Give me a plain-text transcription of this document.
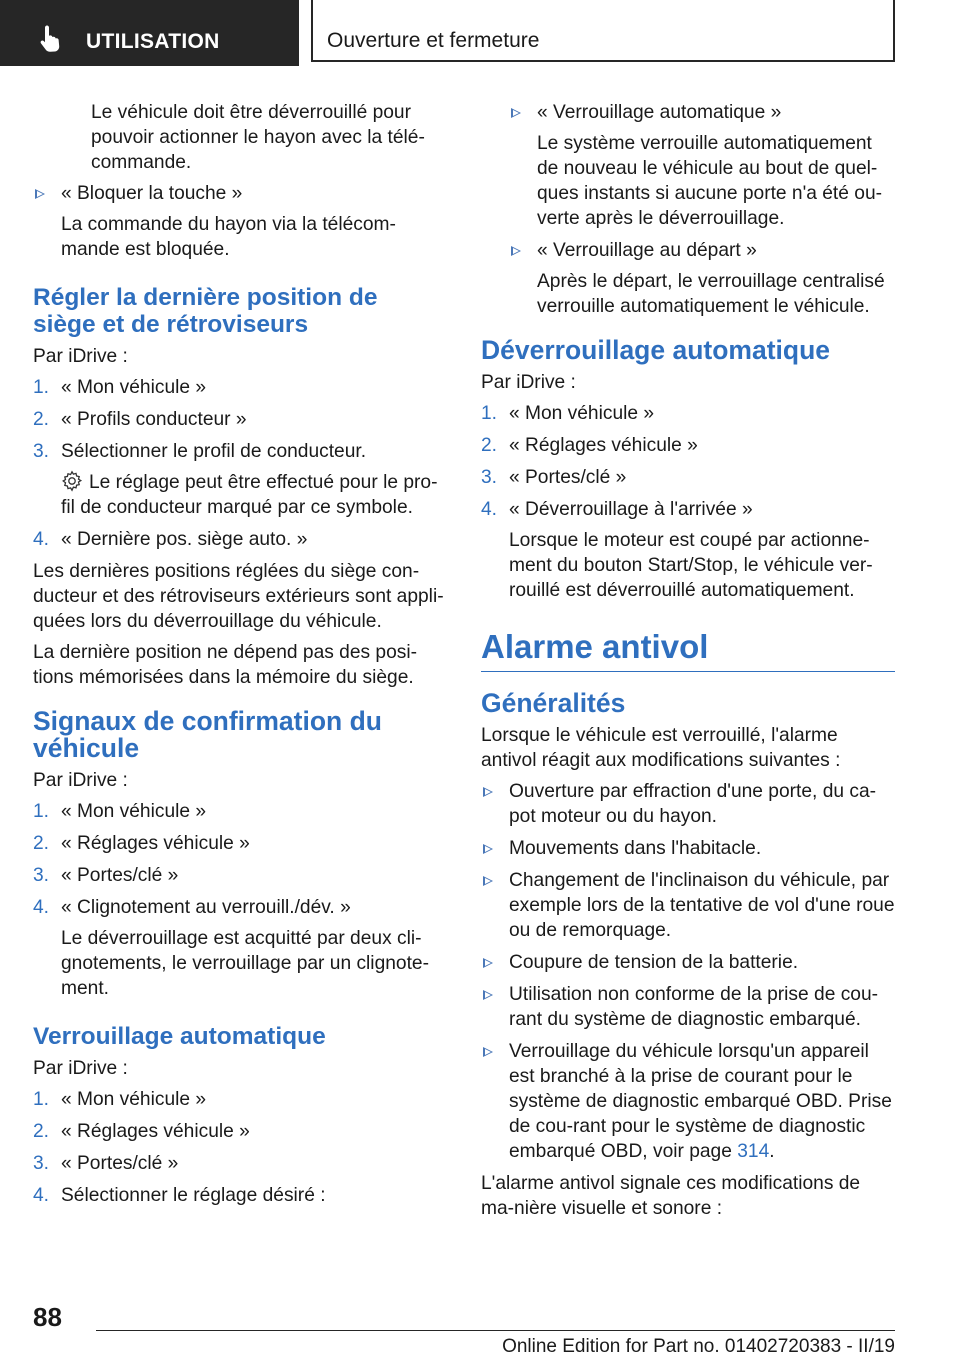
UTILISATION	Ouverture et fermeture

Le véhicule doit être déverrouillé pour pouvoir actionner le hayon avec la télé-commande.

« Bloquer la touche »
La commande du hayon via la télécom-mande est bloquée.
Régler la dernière position de siège et de rétroviseurs

Par iDrive :

1. « Mon véhicule »
2. « Profils conducteur »
3. Sélectionner le profil de conducteur.
Le réglage peut être effectué pour le pro-fil de conducteur marqué par ce symbole.
4. « Dernière pos. siège auto. »

Les dernières positions réglées du siège con-ducteur et des rétroviseurs extérieurs sont appli-quées lors du déverrouillage du véhicule.

La dernière position ne dépend pas des posi-tions mémorisées dans la mémoire du siège.

Signaux de confirmation du véhicule

Par iDrive :

1. « Mon véhicule »
2. « Réglages véhicule »
3. « Portes/clé »
4. « Clignotement au verrouill./dév. »
Le déverrouillage est acquitté par deux cli-gnotements, le verrouillage par un clignote-ment.
Verrouillage automatique

Par iDrive :

1. « Mon véhicule »
2. « Réglages véhicule »
3. « Portes/clé »
4. Sélectionner le réglage désiré :
« Verrouillage automatique »
Le système verrouille automatiquement de nouveau le véhicule au bout de quel-ques instants si aucune porte n'a été ou-verte après le déverrouillage.
« Verrouillage au départ »
Après le départ, le verrouillage centralisé verrouille automatiquement le véhicule.
Déverrouillage automatique

Par iDrive :

1. « Mon véhicule »
2. « Réglages véhicule »
3. « Portes/clé »
4. « Déverrouillage à l'arrivée »
Lorsque le moteur est coupé par actionne-ment du bouton Start/Stop, le véhicule ver-rouillé est déverrouillé automatiquement.
Alarme antivol
Généralités

Lorsque le véhicule est verrouillé, l'alarme antivol réagit aux modifications suivantes :

Ouverture par effraction d'une porte, du ca-pot moteur ou du hayon.
Mouvements dans l'habitacle.
Changement de l'inclinaison du véhicule, par exemple lors de la tentative de vol d'une roue ou de remorquage.
Coupure de tension de la batterie.
Utilisation non conforme de la prise de cou-rant du système de diagnostic embarqué.
Verrouillage du véhicule lorsqu'un appareil est branché à la prise de courant pour le système de diagnostic embarqué OBD. Prise de cou-rant pour le système de diagnostic embarqué OBD, voir page 314.

L'alarme antivol signale ces modifications de ma-nière visuelle et sonore :

88
Online Edition for Part no. 01402720383 - II/19
